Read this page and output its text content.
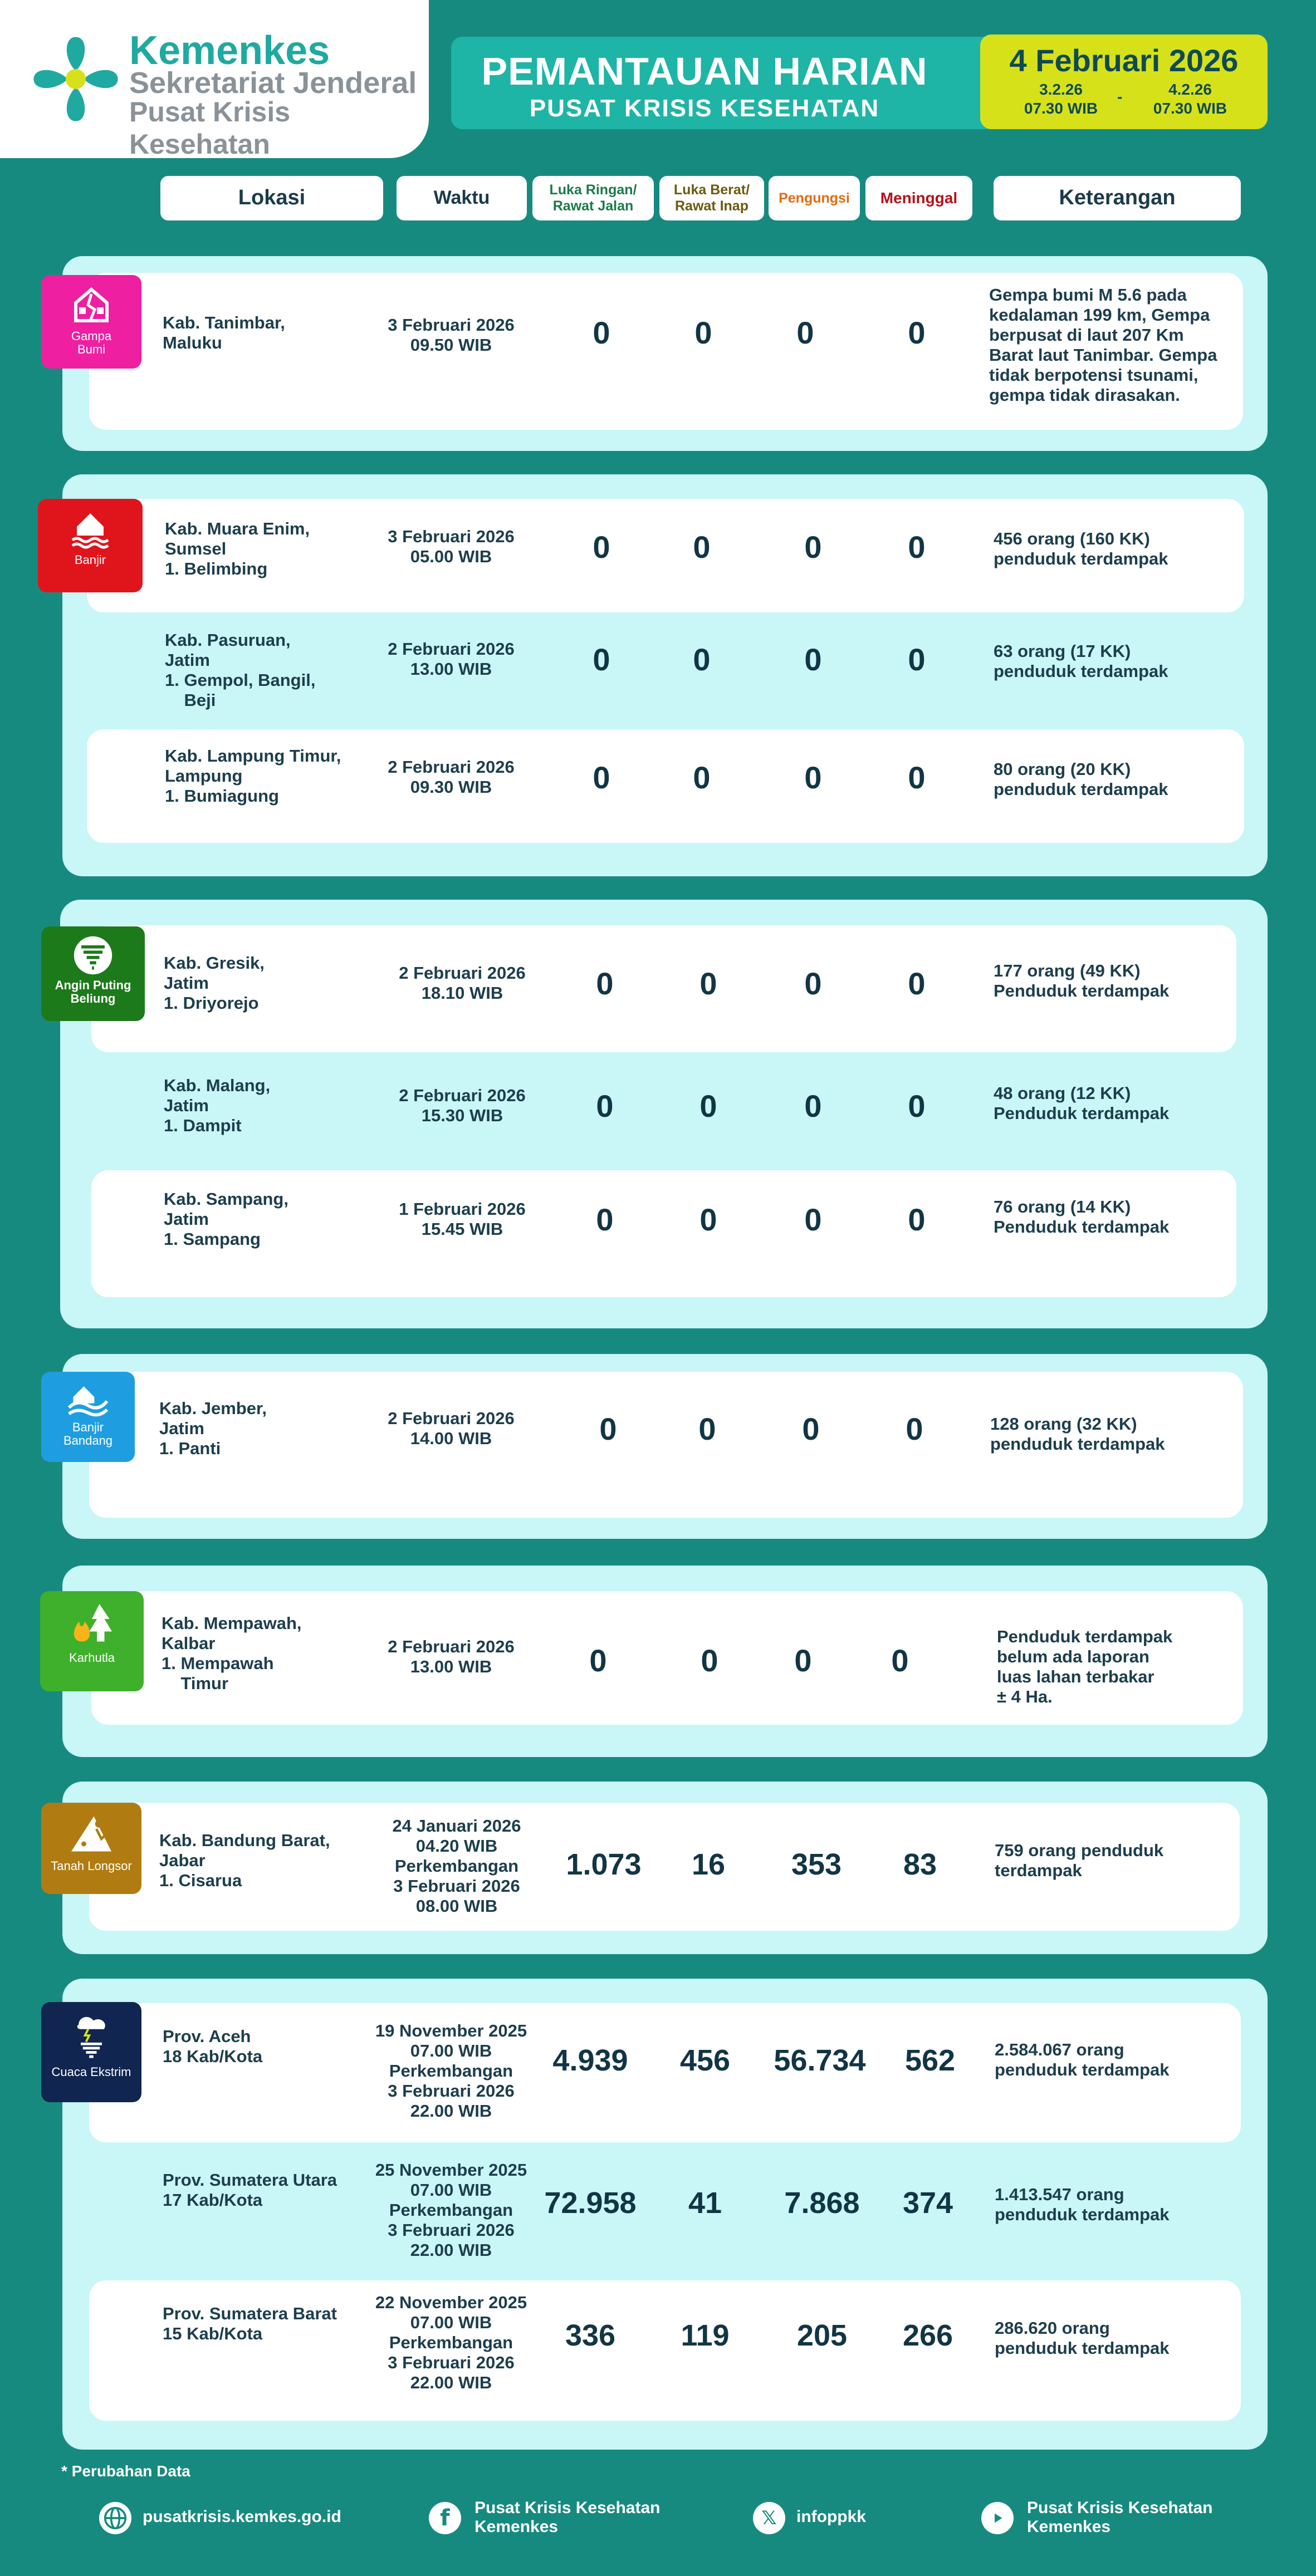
Kemenkes
Sekretariat Jenderal
Pusat Krisis Kesehatan
PEMANTAUAN HARIAN
PUSAT KRISIS KESEHATAN
4 Februari 2026
3.2.26
07.30 WIB
-	4.2.26
07.30 WIB
Lokasi	Waktu	Luka Ringan/
Rawat Jalan
Luka Berat/
Rawat Inap
Pengungsi	Meninggal	Keterangan
Gampa
Bumi
Kab. Tanimbar,
Maluku
3 Februari 2026
09.50 WIB	0	0	0	0
Gempa bumi M 5.6 pada
kedalaman 199 km, Gempa
berpusat di laut 207 Km
Barat laut Tanimbar. Gempa
tidak berpotensi tsunami,
gempa tidak dirasakan.
Banjir
Kab. Muara Enim,
Sumsel
1. Belimbing
3 Februari 2026
05.00 WIB	0	0	0	0	456 orang (160 KK)
penduduk terdampak
Kab. Pasuruan,
Jatim
1. Gempol, Bangil,
Beji
2 Februari 2026
13.00 WIB	0	0	0	0	63 orang (17 KK)
penduduk terdampak
Kab. Lampung Timur,
Lampung
1. Bumiagung
2 Februari 2026
09.30 WIB	0	0	0	0	80 orang (20 KK)
penduduk terdampak
Angin Puting
Beliung
Kab. Gresik,
Jatim
1. Driyorejo
2 Februari 2026
18.10 WIB	0	0	0	0	177 orang (49 KK)
Penduduk terdampak
Kab. Malang,
Jatim
1. Dampit
2 Februari 2026
15.30 WIB	0	0	0	0	48 orang (12 KK)
Penduduk terdampak
Kab. Sampang,
Jatim
1. Sampang
1 Februari 2026
15.45 WIB	0	0	0	0	76 orang (14 KK)
Penduduk terdampak
Banjir
Bandang
Kab. Jember,
Jatim
1. Panti
2 Februari 2026
14.00 WIB	0	0	0	0	128 orang (32 KK)
penduduk terdampak
Karhutla
Kab. Mempawah,
Kalbar
1. Mempawah
Timur
2 Februari 2026
13.00 WIB	0	0	0	0
Penduduk terdampak
belum ada laporan
luas lahan terbakar
± 4 Ha.
Tanah Longsor
Kab. Bandung Barat,
Jabar
1. Cisarua
24 Januari 2026
04.20 WIB
Perkembangan
3 Februari 2026
08.00 WIB
1.073	16	353	83	759 orang penduduk
terdampak
Cuaca Ekstrim
Prov. Aceh
18 Kab/Kota
19 November 2025
07.00 WIB
Perkembangan
3 Februari 2026
22.00 WIB
4.939	456	56.734	562	2.584.067 orang
penduduk terdampak
Prov. Sumatera Utara
17 Kab/Kota
25 November 2025
07.00 WIB
Perkembangan
3 Februari 2026
22.00 WIB
72.958	41	7.868	374	1.413.547 orang
penduduk terdampak
Prov. Sumatera Barat
15 Kab/Kota
22 November 2025
07.00 WIB
Perkembangan
3 Februari 2026
22.00 WIB
336	119	205	266	286.620 orang
penduduk terdampak
* Perubahan Data
pusatkrisis.kemkes.go.id	f Pusat Krisis Kesehatan
Kemenkes	𝕏 infoppkk	Pusat Krisis Kesehatan
Kemenkes
